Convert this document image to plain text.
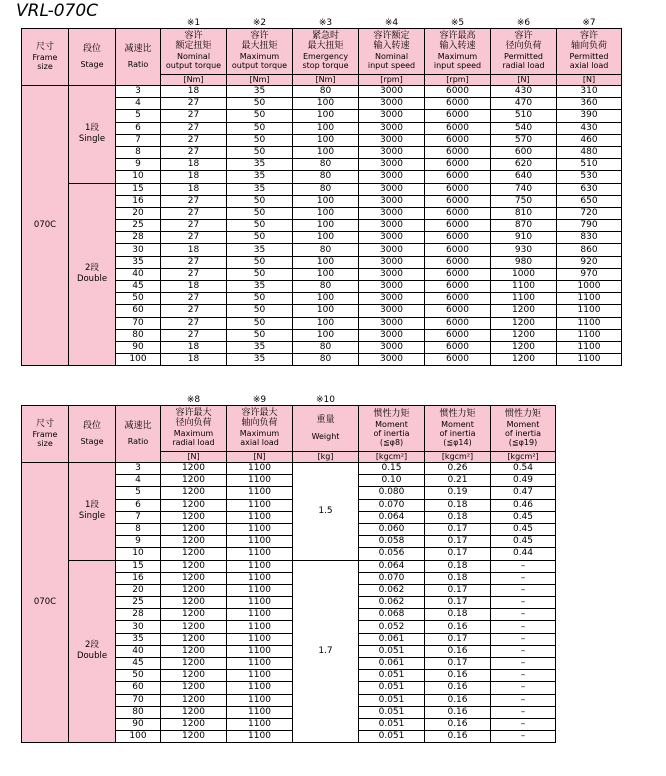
VRL-070C
			※1	※2	※3	※4	※5	※6	※7

尺寸
Frame size	段位
Stage	减速比
Ratio	容许
额定扭矩
Nominal
output torque	容许
最大扭矩
Maximum
output torque	紧急时
最大扭矩
Emergency
stop torque	容许额定
输入转速
Nominal
input speed	容许最高
输入转速
Maximum
input speed	容许
径向负荷
Permitted
radial load	容许
轴向负荷
Permitted
axial load

			[Nm]	[Nm]	[Nm]	[rpm]	[rpm]	[N]	[N]

070C	1段
Single	3	18	35	80	3000	6000	430	310
		4	27	50	100	3000	6000	470	360
		5	27	50	100	3000	6000	510	390
		6	27	50	100	3000	6000	540	430
		7	27	50	100	3000	6000	570	460
		8	27	50	100	3000	6000	600	480
		9	18	35	80	3000	6000	620	510
		10	18	35	80	3000	6000	640	530

	2段
Double	15	18	35	80	3000	6000	740	630
		16	27	50	100	3000	6000	750	650
		20	27	50	100	3000	6000	810	720
		25	27	50	100	3000	6000	870	790
		28	27	50	100	3000	6000	910	830
		30	18	35	80	3000	6000	930	860
		35	27	50	100	3000	6000	980	920
		40	27	50	100	3000	6000	1000	970
		45	18	35	80	3000	6000	1100	1000
		50	27	50	100	3000	6000	1100	1100
		60	27	50	100	3000	6000	1200	1100
		70	27	50	100	3000	6000	1200	1100
		80	27	50	100	3000	6000	1200	1100
		90	18	35	80	3000	6000	1200	1100
		100	18	35	80	3000	6000	1200	1100
			※8	※9	※10			

尺寸
Frame size	段位
Stage	减速比
Ratio	容许最大
径向负荷
Maximum
radial load	容许最大
轴向负荷
Maximum
axial load	重量
Weight	惯性力矩
Moment
of inertia
(≦φ8)	惯性力矩
Moment
of inertia
(≦φ14)	惯性力矩
Moment
of inertia
(≦φ19)

			[N]	[N]	[kg]	[kgcm²]	[kgcm²]	[kgcm²]

070C	1段
Single	3	1200	1100	1.5	0.15	0.26	0.54
		4	1200	1100		0.10	0.21	0.49
		5	1200	1100		0.080	0.19	0.47
		6	1200	1100		0.070	0.18	0.46
		7	1200	1100		0.064	0.18	0.45
		8	1200	1100		0.060	0.17	0.45
		9	1200	1100		0.058	0.17	0.45
		10	1200	1100		0.056	0.17	0.44

	2段
Double	15	1200	1100	1.7	0.064	0.18	–
		16	1200	1100		0.070	0.18	–
		20	1200	1100		0.062	0.17	–
		25	1200	1100		0.062	0.17	–
		28	1200	1100		0.068	0.18	–
		30	1200	1100		0.052	0.16	–
		35	1200	1100		0.061	0.17	–
		40	1200	1100		0.051	0.16	–
		45	1200	1100		0.061	0.17	–
		50	1200	1100		0.051	0.16	–
		60	1200	1100		0.051	0.16	–
		70	1200	1100		0.051	0.16	–
		80	1200	1100		0.051	0.16	–
		90	1200	1100		0.051	0.16	–
		100	1200	1100		0.051	0.16	–
